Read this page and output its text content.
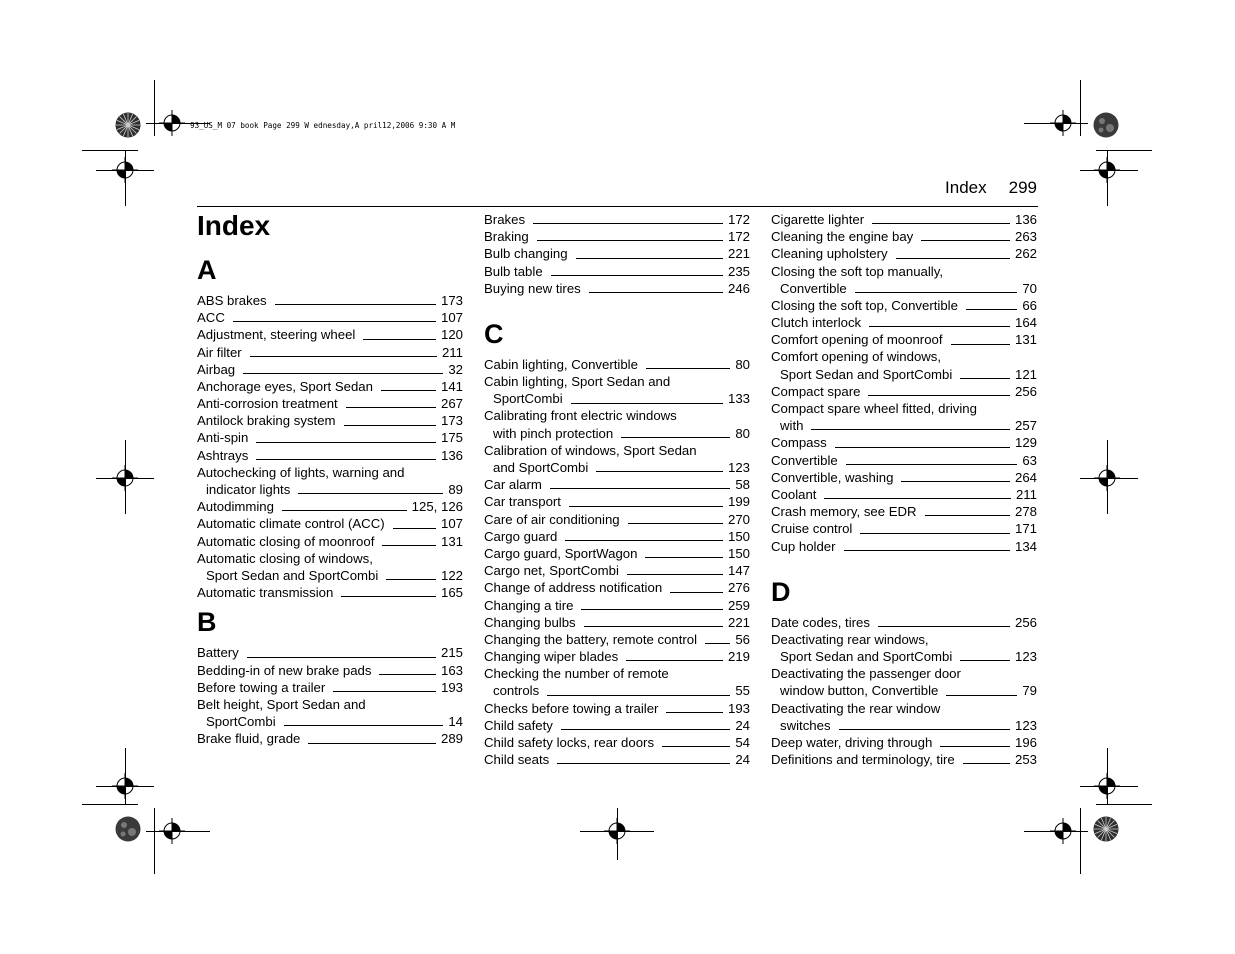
93_US_M 07 book Page 299 W ednesday,A pril12,2006 9:30 A M
Index 299
Index
A
ABS brakes	173
ACC	107
Adjustment, steering wheel	120
Air filter	211
Airbag	32
Anchorage eyes, Sport Sedan	141
Anti-corrosion treatment	267
Antilock braking system	173
Anti-spin	175
Ashtrays	136
Autochecking of lights, warning and
indicator lights	89
Autodimming	125, 126
Automatic climate control (ACC)	107
Automatic closing of moonroof	131
Automatic closing of windows,
Sport Sedan and SportCombi	122
Automatic transmission	165
B
Battery	215
Bedding-in of new brake pads	163
Before towing a trailer	193
Belt height, Sport Sedan and
SportCombi	14
Brake fluid, grade	289
Brakes	172
Braking	172
Bulb changing	221
Bulb table	235
Buying new tires	246
C
Cabin lighting, Convertible	80
Cabin lighting, Sport Sedan and
SportCombi	133
Calibrating front electric windows
with pinch protection	80
Calibration of windows, Sport Sedan
and SportCombi	123
Car alarm	58
Car transport	199
Care of air conditioning	270
Cargo guard	150
Cargo guard, SportWagon	150
Cargo net, SportCombi	147
Change of address notification	276
Changing a tire	259
Changing bulbs	221
Changing the battery, remote control	56
Changing wiper blades	219
Checking the number of remote
controls	55
Checks before towing a trailer	193
Child safety	24
Child safety locks, rear doors	54
Child seats	24
Cigarette lighter	136
Cleaning the engine bay	263
Cleaning upholstery	262
Closing the soft top manually,
Convertible	70
Closing the soft top, Convertible	66
Clutch interlock	164
Comfort opening of moonroof	131
Comfort opening of windows,
Sport Sedan and SportCombi	121
Compact spare	256
Compact spare wheel fitted, driving
with	257
Compass	129
Convertible	63
Convertible, washing	264
Coolant	211
Crash memory, see EDR	278
Cruise control	171
Cup holder	134
D
Date codes, tires	256
Deactivating rear windows,
Sport Sedan and SportCombi	123
Deactivating the passenger door
window button, Convertible	79
Deactivating the rear window
switches	123
Deep water, driving through	196
Definitions and terminology, tire	253
